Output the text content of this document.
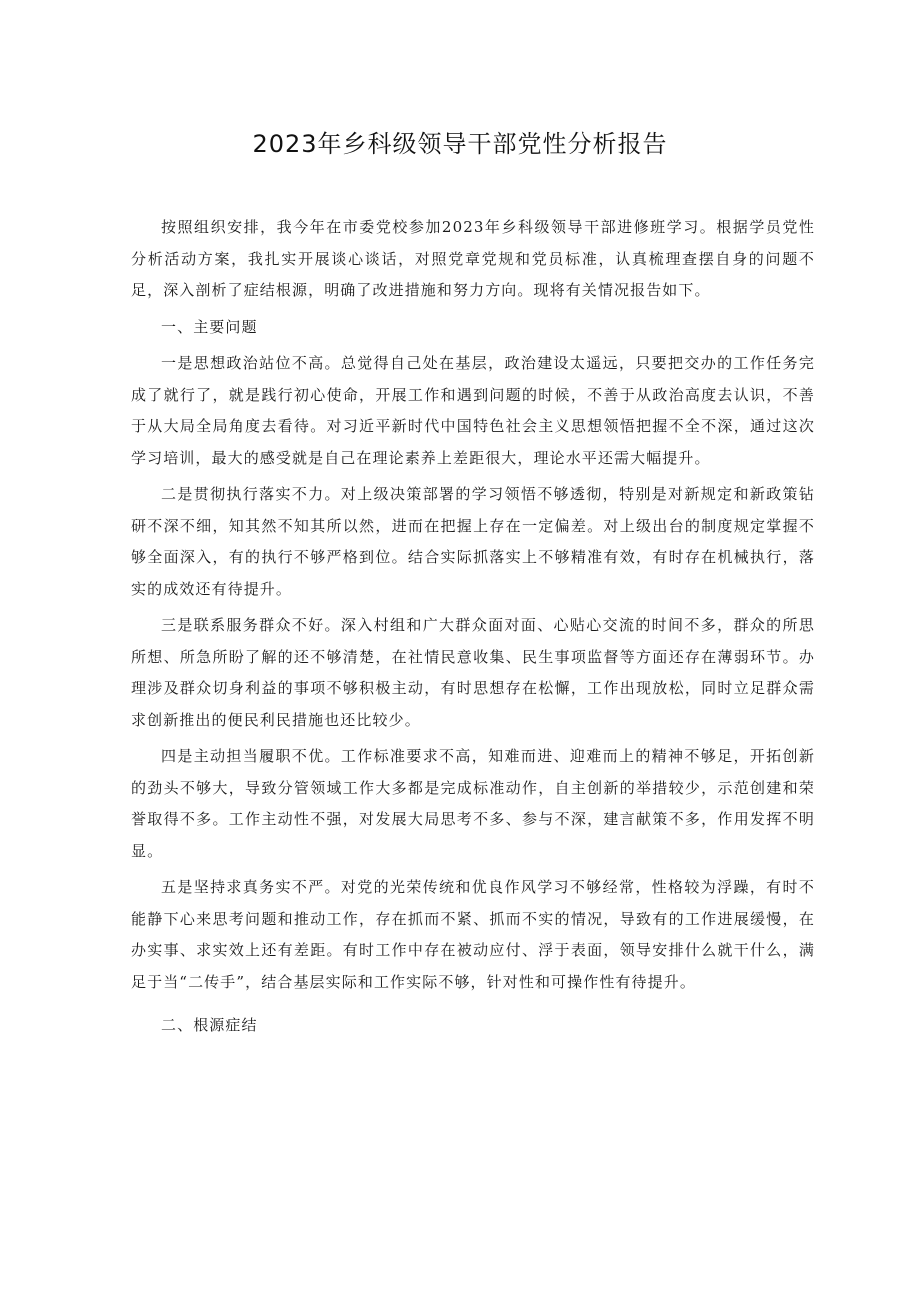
2023年乡科级领导干部党性分析报告

按照组织安排，我今年在市委党校参加2023年乡科级领导干部进修班学习。根据学员党性分析活动方案，我扎实开展谈心谈话，对照党章党规和党员标准，认真梳理查摆自身的问题不足，深入剖析了症结根源，明确了改进措施和努力方向。现将有关情况报告如下。

一、主要问题

一是思想政治站位不高。总觉得自己处在基层，政治建设太遥远，只要把交办的工作任务完成了就行了，就是践行初心使命，开展工作和遇到问题的时候，不善于从政治高度去认识，不善于从大局全局角度去看待。对习近平新时代中国特色社会主义思想领悟把握不全不深，通过这次学习培训，最大的感受就是自己在理论素养上差距很大，理论水平还需大幅提升。

二是贯彻执行落实不力。对上级决策部署的学习领悟不够透彻，特别是对新规定和新政策钻研不深不细，知其然不知其所以然，进而在把握上存在一定偏差。对上级出台的制度规定掌握不够全面深入，有的执行不够严格到位。结合实际抓落实上不够精准有效，有时存在机械执行，落实的成效还有待提升。

三是联系服务群众不好。深入村组和广大群众面对面、心贴心交流的时间不多，群众的所思所想、所急所盼了解的还不够清楚，在社情民意收集、民生事项监督等方面还存在薄弱环节。办理涉及群众切身利益的事项不够积极主动，有时思想存在松懈，工作出现放松，同时立足群众需求创新推出的便民利民措施也还比较少。

四是主动担当履职不优。工作标准要求不高，知难而进、迎难而上的精神不够足，开拓创新的劲头不够大，导致分管领域工作大多都是完成标准动作，自主创新的举措较少，示范创建和荣誉取得不多。工作主动性不强，对发展大局思考不多、参与不深，建言献策不多，作用发挥不明显。

五是坚持求真务实不严。对党的光荣传统和优良作风学习不够经常，性格较为浮躁，有时不能静下心来思考问题和推动工作，存在抓而不紧、抓而不实的情况，导致有的工作进展缓慢，在办实事、求实效上还有差距。有时工作中存在被动应付、浮于表面，领导安排什么就干什么，满足于当“二传手”，结合基层实际和工作实际不够，针对性和可操作性有待提升。

二、根源症结
